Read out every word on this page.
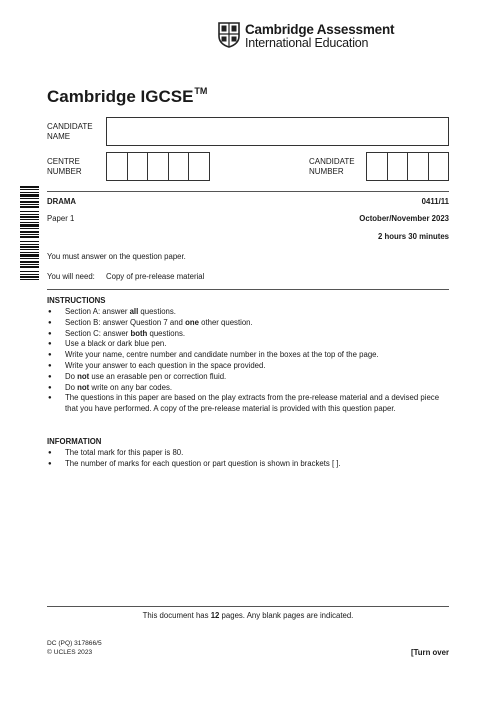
Cambridge Assessment
International Education
Cambridge IGCSE™
CANDIDATE NAME
CENTRE NUMBER
CANDIDATE NUMBER
DRAMA	0411/11
Paper 1	October/November 2023
2 hours 30 minutes
You must answer on the question paper.
You will need: Copy of pre-release material
INSTRUCTIONS
● Section A: answer all questions.
● Section B: answer Question 7 and one other question.
● Section C: answer both questions.
● Use a black or dark blue pen.
● Write your name, centre number and candidate number in the boxes at the top of the page.
● Write your answer to each question in the space provided.
● Do not use an erasable pen or correction fluid.
● Do not write on any bar codes.
● The questions in this paper are based on the play extracts from the pre-release material and a devised piece that you have performed. A copy of the pre-release material is provided with this question paper.
INFORMATION
● The total mark for this paper is 80.
● The number of marks for each question or part question is shown in brackets [ ].
This document has 12 pages. Any blank pages are indicated.
DC (PQ) 317866/5
© UCLES 2023	[Turn over
